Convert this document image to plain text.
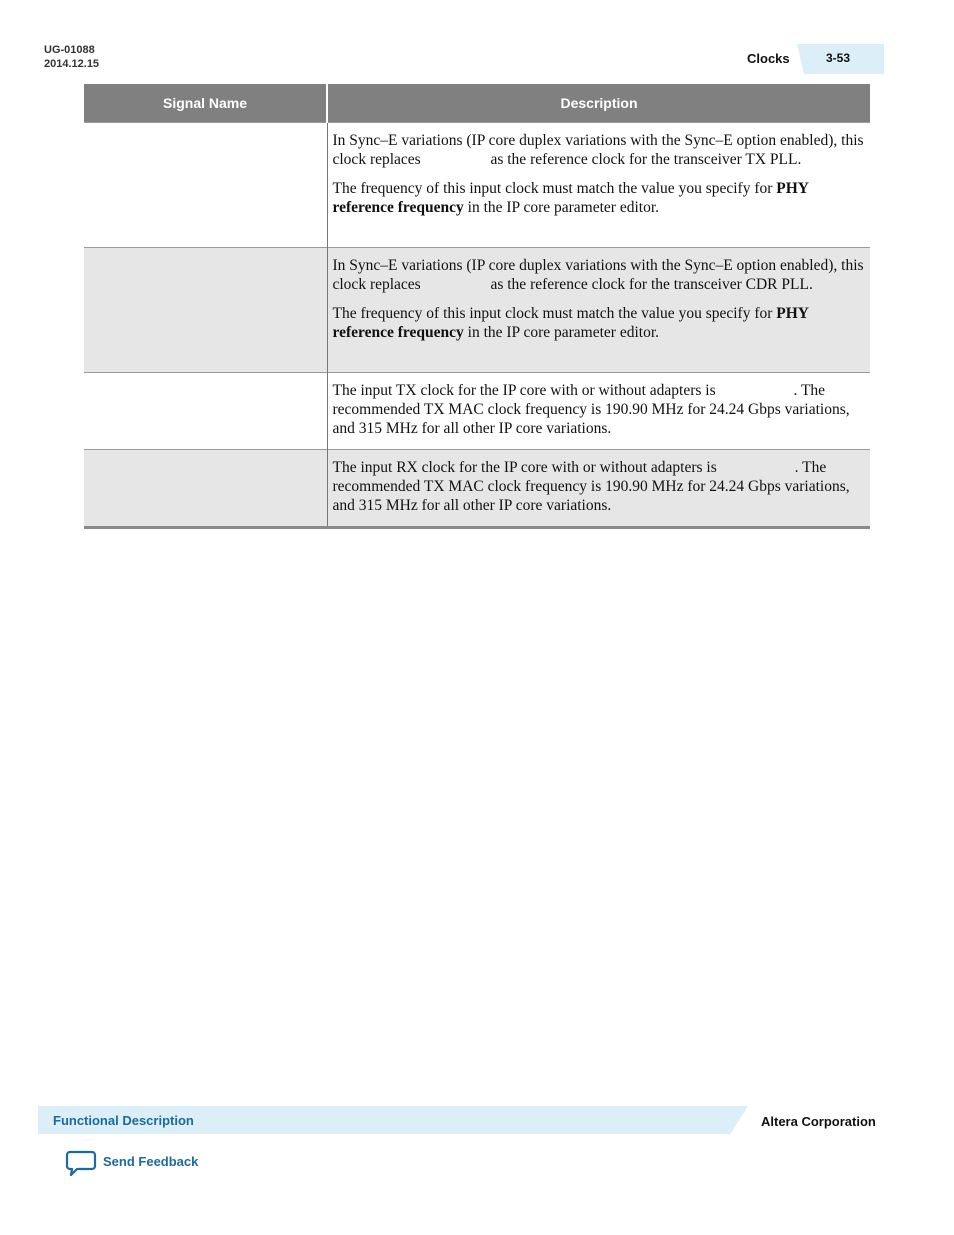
UG-01088
2014.12.15	Clocks	3-53
Signal Name	Description

	In Sync–E variations (IP core duplex variations with the Sync–E option enabled), this clock replaces as the reference clock for the transceiver TX PLL.

The frequency of this input clock must match the value you specify for PHY reference frequency in the IP core parameter editor.

	In Sync–E variations (IP core duplex variations with the Sync–E option enabled), this clock replaces as the reference clock for the transceiver CDR PLL.

The frequency of this input clock must match the value you specify for PHY reference frequency in the IP core parameter editor.

	The input TX clock for the IP core with or without adapters is . The recommended TX MAC clock frequency is 190.90 MHz for 24.24 Gbps variations, and 315 MHz for all other IP core variations.

	The input RX clock for the IP core with or without adapters is . The recommended TX MAC clock frequency is 190.90 MHz for 24.24 Gbps variations, and 315 MHz for all other IP core variations.

Functional Description	Altera Corporation
Send Feedback
